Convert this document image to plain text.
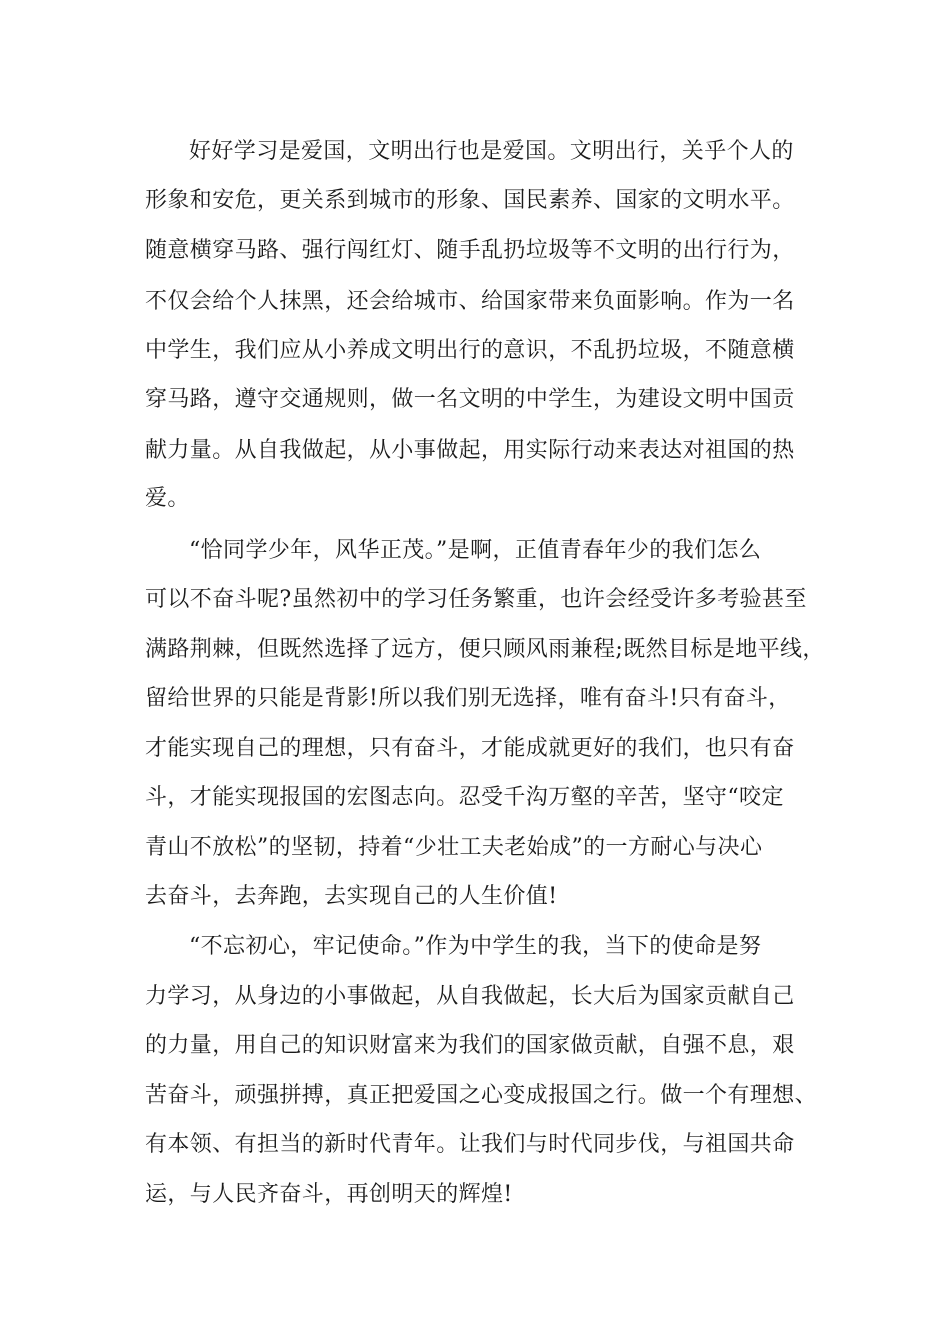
好好学习是爱国，文明出行也是爱国。文明出行，关乎个人的

形象和安危，更关系到城市的形象、国民素养、国家的文明水平。

随意横穿马路、强行闯红灯、随手乱扔垃圾等不文明的出行行为，

不仅会给个人抹黑，还会给城市、给国家带来负面影响。作为一名

中学生，我们应从小养成文明出行的意识，不乱扔垃圾，不随意横

穿马路，遵守交通规则，做一名文明的中学生，为建设文明中国贡

献力量。从自我做起，从小事做起，用实际行动来表达对祖国的热

爱。

“恰同学少年，风华正茂。”是啊，正值青春年少的我们怎么

可以不奋斗呢?虽然初中的学习任务繁重，也许会经受许多考验甚至

满路荆棘，但既然选择了远方，便只顾风雨兼程;既然目标是地平线，

留给世界的只能是背影!所以我们别无选择，唯有奋斗!只有奋斗，

才能实现自己的理想，只有奋斗，才能成就更好的我们，也只有奋

斗，才能实现报国的宏图志向。忍受千沟万壑的辛苦，坚守“咬定

青山不放松”的坚韧，持着“少壮工夫老始成”的一方耐心与决心

去奋斗，去奔跑，去实现自己的人生价值!

“不忘初心，牢记使命。”作为中学生的我，当下的使命是努

力学习，从身边的小事做起，从自我做起，长大后为国家贡献自己

的力量，用自己的知识财富来为我们的国家做贡献，自强不息，艰

苦奋斗，顽强拼搏，真正把爱国之心变成报国之行。做一个有理想、

有本领、有担当的新时代青年。让我们与时代同步伐，与祖国共命

运，与人民齐奋斗，再创明天的辉煌!
